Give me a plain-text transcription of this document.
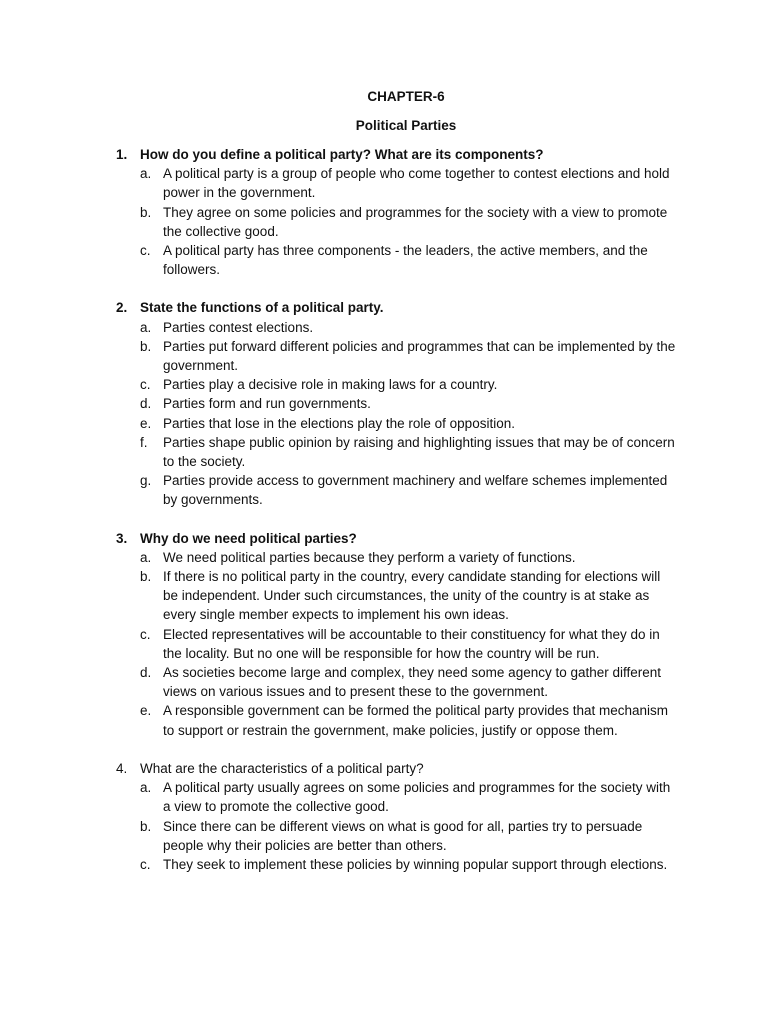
CHAPTER-6
Political Parties
1. How do you define a political party? What are its components?
a. A political party is a group of people who come together to contest elections and hold power in the government.
b. They agree on some policies and programmes for the society with a view to promote the collective good.
c. A political party has three components - the leaders, the active members, and the followers.
2. State the functions of a political party.
a. Parties contest elections.
b. Parties put forward different policies and programmes that can be implemented by the government.
c. Parties play a decisive role in making laws for a country.
d. Parties form and run governments.
e. Parties that lose in the elections play the role of opposition.
f.	Parties shape public opinion by raising and highlighting issues that may be of concern to the society.
g. Parties provide access to government machinery and welfare schemes implemented by governments.
3. Why do we need political parties?
a. We need political parties because they perform a variety of functions.
b. If there is no political party in the country, every candidate standing for elections will be independent. Under such circumstances, the unity of the country is at stake as every single member expects to implement his own ideas.
c. Elected representatives will be accountable to their constituency for what they do in the locality. But no one will be responsible for how the country will be run.
d. As societies become large and complex, they need some agency to gather different views on various issues and to present these to the government.
e. A responsible government can be formed the political party provides that mechanism to support or restrain the government, make policies, justify or oppose them.
4. What are the characteristics of a political party?
a. A political party usually agrees on some policies and programmes for the society with a view to promote the collective good.
b. Since there can be different views on what is good for all, parties try to persuade people why their policies are better than others.
c. They seek to implement these policies by winning popular support through elections.
